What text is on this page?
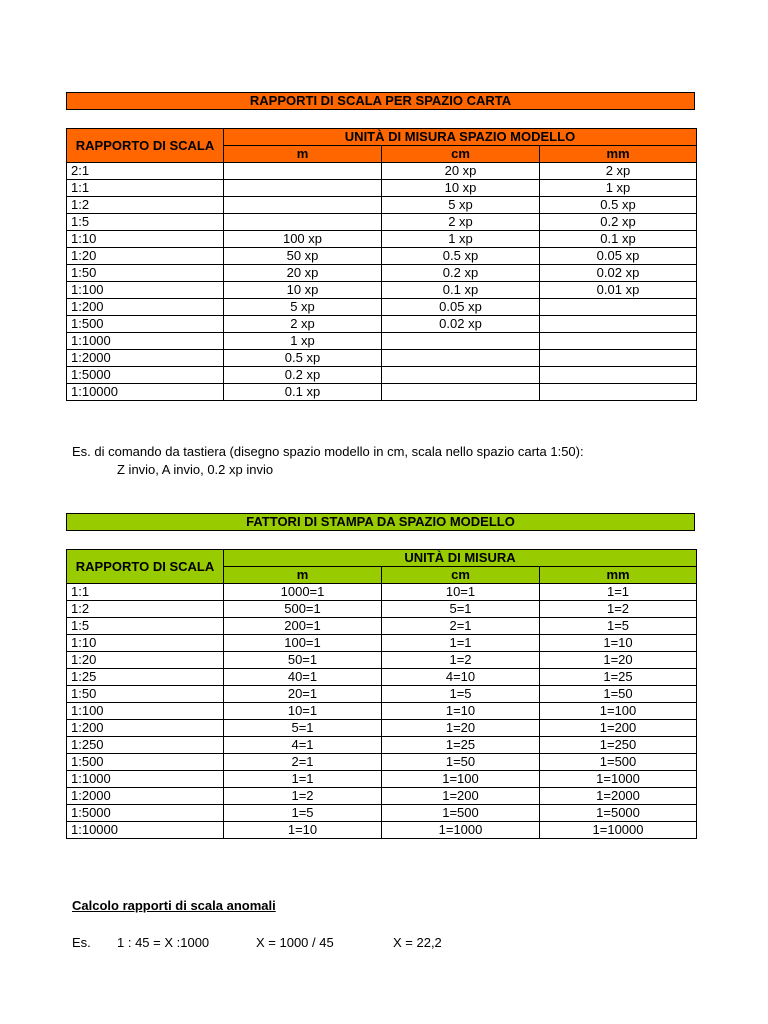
RAPPORTI DI SCALA PER SPAZIO CARTA
RAPPORTO DI SCALA	UNITÀ DI MISURA SPAZIO MODELLO		
	m	cm	mm
2:1		20 xp	2 xp
1:1		10 xp	1 xp
1:2		5 xp	0.5 xp
1:5		2 xp	0.2 xp
1:10	100 xp	1 xp	0.1 xp
1:20	50 xp	0.5 xp	0.05 xp
1:50	20 xp	0.2 xp	0.02 xp
1:100	10 xp	0.1 xp	0.01 xp
1:200	5 xp	0.05 xp	
1:500	2 xp	0.02 xp	
1:1000	1 xp		
1:2000	0.5 xp		
1:5000	0.2 xp		
1:10000	0.1 xp		
Es. di comando da tastiera (disegno spazio modello in cm, scala nello spazio carta 1:50):
Z invio, A invio, 0.2 xp invio
FATTORI DI STAMPA DA SPAZIO MODELLO
RAPPORTO DI SCALA	UNITÀ DI MISURA		
	m	cm	mm
1:1	1000=1	10=1	1=1
1:2	500=1	5=1	1=2
1:5	200=1	2=1	1=5
1:10	100=1	1=1	1=10
1:20	50=1	1=2	1=20
1:25	40=1	4=10	1=25
1:50	20=1	1=5	1=50
1:100	10=1	1=10	1=100
1:200	5=1	1=20	1=200
1:250	4=1	1=25	1=250
1:500	2=1	1=50	1=500
1:1000	1=1	1=100	1=1000
1:2000	1=2	1=200	1=2000
1:5000	1=5	1=500	1=5000
1:10000	1=10	1=1000	1=10000
Calcolo rapporti di scala anomali
Es. 1 : 45 = X :1000	X = 1000 / 45	X = 22,2
